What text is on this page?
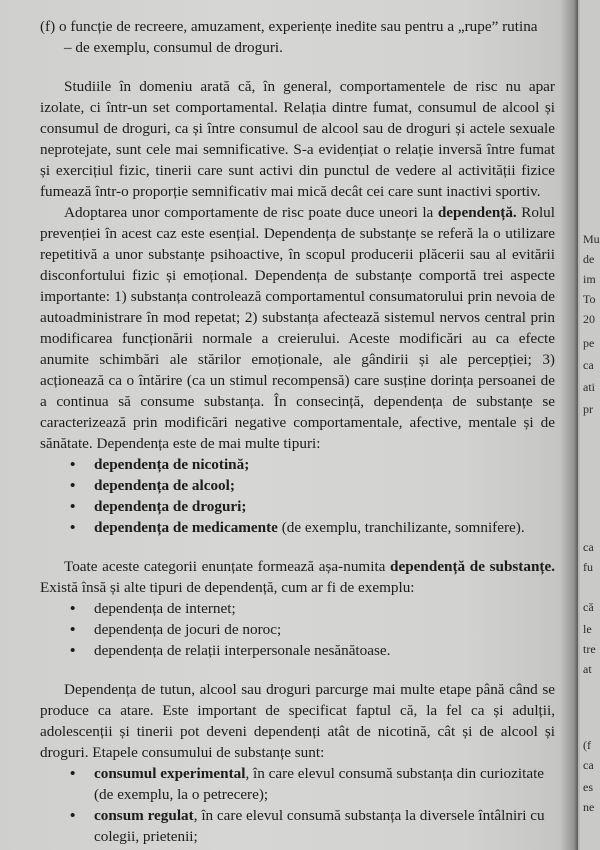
(f) o funcție de recreere, amuzament, experiențe inedite sau pentru a „rupe” rutina

– de exemplu, consumul de droguri.

Studiile în domeniu arată că, în general, comportamentele de risc nu apar izolate, ci într-un set comportamental. Relația dintre fumat, consumul de alcool și consumul de droguri, ca și între consumul de alcool sau de droguri și actele sexuale neprotejate, sunt cele mai semnificative. S-a evidențiat o relație inversă între fumat și exercițiul fizic, tinerii care sunt activi din punctul de vedere al activității fizice fumează într-o proporție semnificativ mai mică decât cei care sunt inactivi sportiv.

Adoptarea unor comportamente de risc poate duce uneori la dependență. Rolul prevenției în acest caz este esențial. Dependența de substanțe se referă la o utilizare repetitivă a unor substanțe psihoactive, în scopul producerii plăcerii sau al evitării disconfortului fizic și emoțional. Dependența de substanțe comportă trei aspecte importante: 1) substanța controlează comportamentul consumatorului prin nevoia de autoadministrare în mod repetat; 2) substanța afectează sistemul nervos central prin modificarea funcționării normale a creierului. Aceste modificări au ca efecte anumite schimbări ale stărilor emoționale, ale gândirii și ale percepției; 3) acționează ca o întărire (ca un stimul recompensă) care susține dorința persoanei de a continua să consume substanța. În consecință, dependența de substanțe se caracterizează prin modificări negative comportamentale, afective, mentale și de sănătate. Dependența este de mai multe tipuri:

• dependența de nicotină;
• dependența de alcool;
• dependența de droguri;
• dependența de medicamente (de exemplu, tranchilizante, somnifere).

Toate aceste categorii enunțate formează așa-numita dependență de substanțe. Există însă și alte tipuri de dependență, cum ar fi de exemplu:

• dependența de internet;
• dependența de jocuri de noroc;
• dependența de relații interpersonale nesănătoase.

Dependența de tutun, alcool sau droguri parcurge mai multe etape până când se produce ca atare. Este important de specificat faptul că, la fel ca și adulții, adolescenții și tinerii pot deveni dependenți atât de nicotină, cât și de alcool și droguri. Etapele consumului de substanțe sunt:

• consumul experimental, în care elevul consumă substanța din curiozitate (de exemplu, la o petrecere);
• consum regulat, în care elevul consumă substanța la diversele întâlniri cu colegii, prietenii;
Mu
de
im
To
20
pe
ca
ati
pr
ca
fu
că
le
tre
at
(f
ca
es
ne
